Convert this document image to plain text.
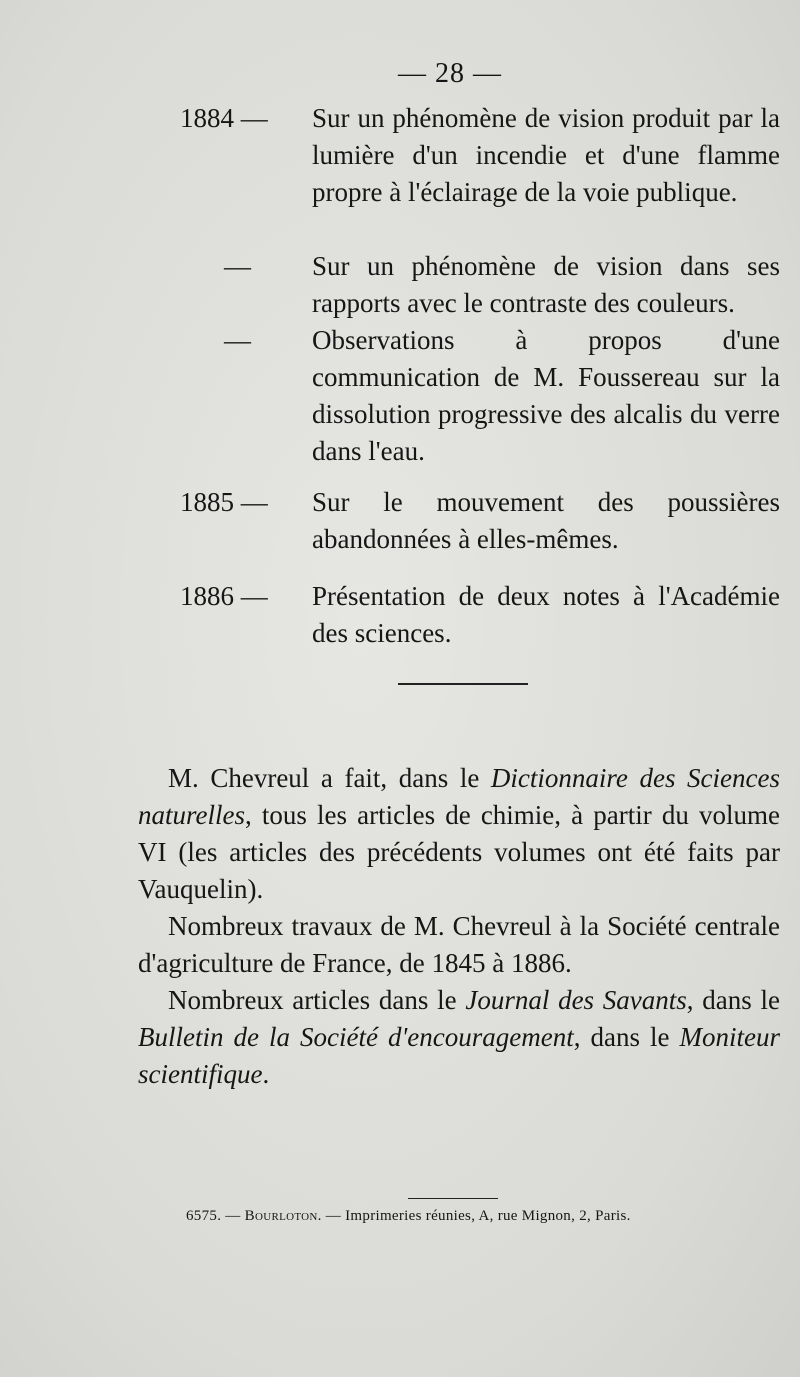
— 28 —
1884 —	Sur un phénomène de vision produit par la lumière d'un incendie et d'une flamme propre à l'éclairage de la voie publique.
—	Sur un phénomène de vision dans ses rapports avec le contraste des couleurs.
—	Observations à propos d'une communication de M. Foussereau sur la dissolution progressive des alcalis du verre dans l'eau.
1885 —	Sur le mouvement des poussières abandonnées à elles-mêmes.
1886 —	Présentation de deux notes à l'Académie des sciences.
M. Chevreul a fait, dans le Dictionnaire des Sciences naturelles, tous les articles de chimie, à partir du volume VI (les articles des précédents volumes ont été faits par Vauquelin).
Nombreux travaux de M. Chevreul à la Société centrale d'agriculture de France, de 1845 à 1886.
Nombreux articles dans le Journal des Savants, dans le Bulletin de la Société d'encouragement, dans le Moniteur scientifique.
6575. — Bourloton. — Imprimeries réunies, A, rue Mignon, 2, Paris.
